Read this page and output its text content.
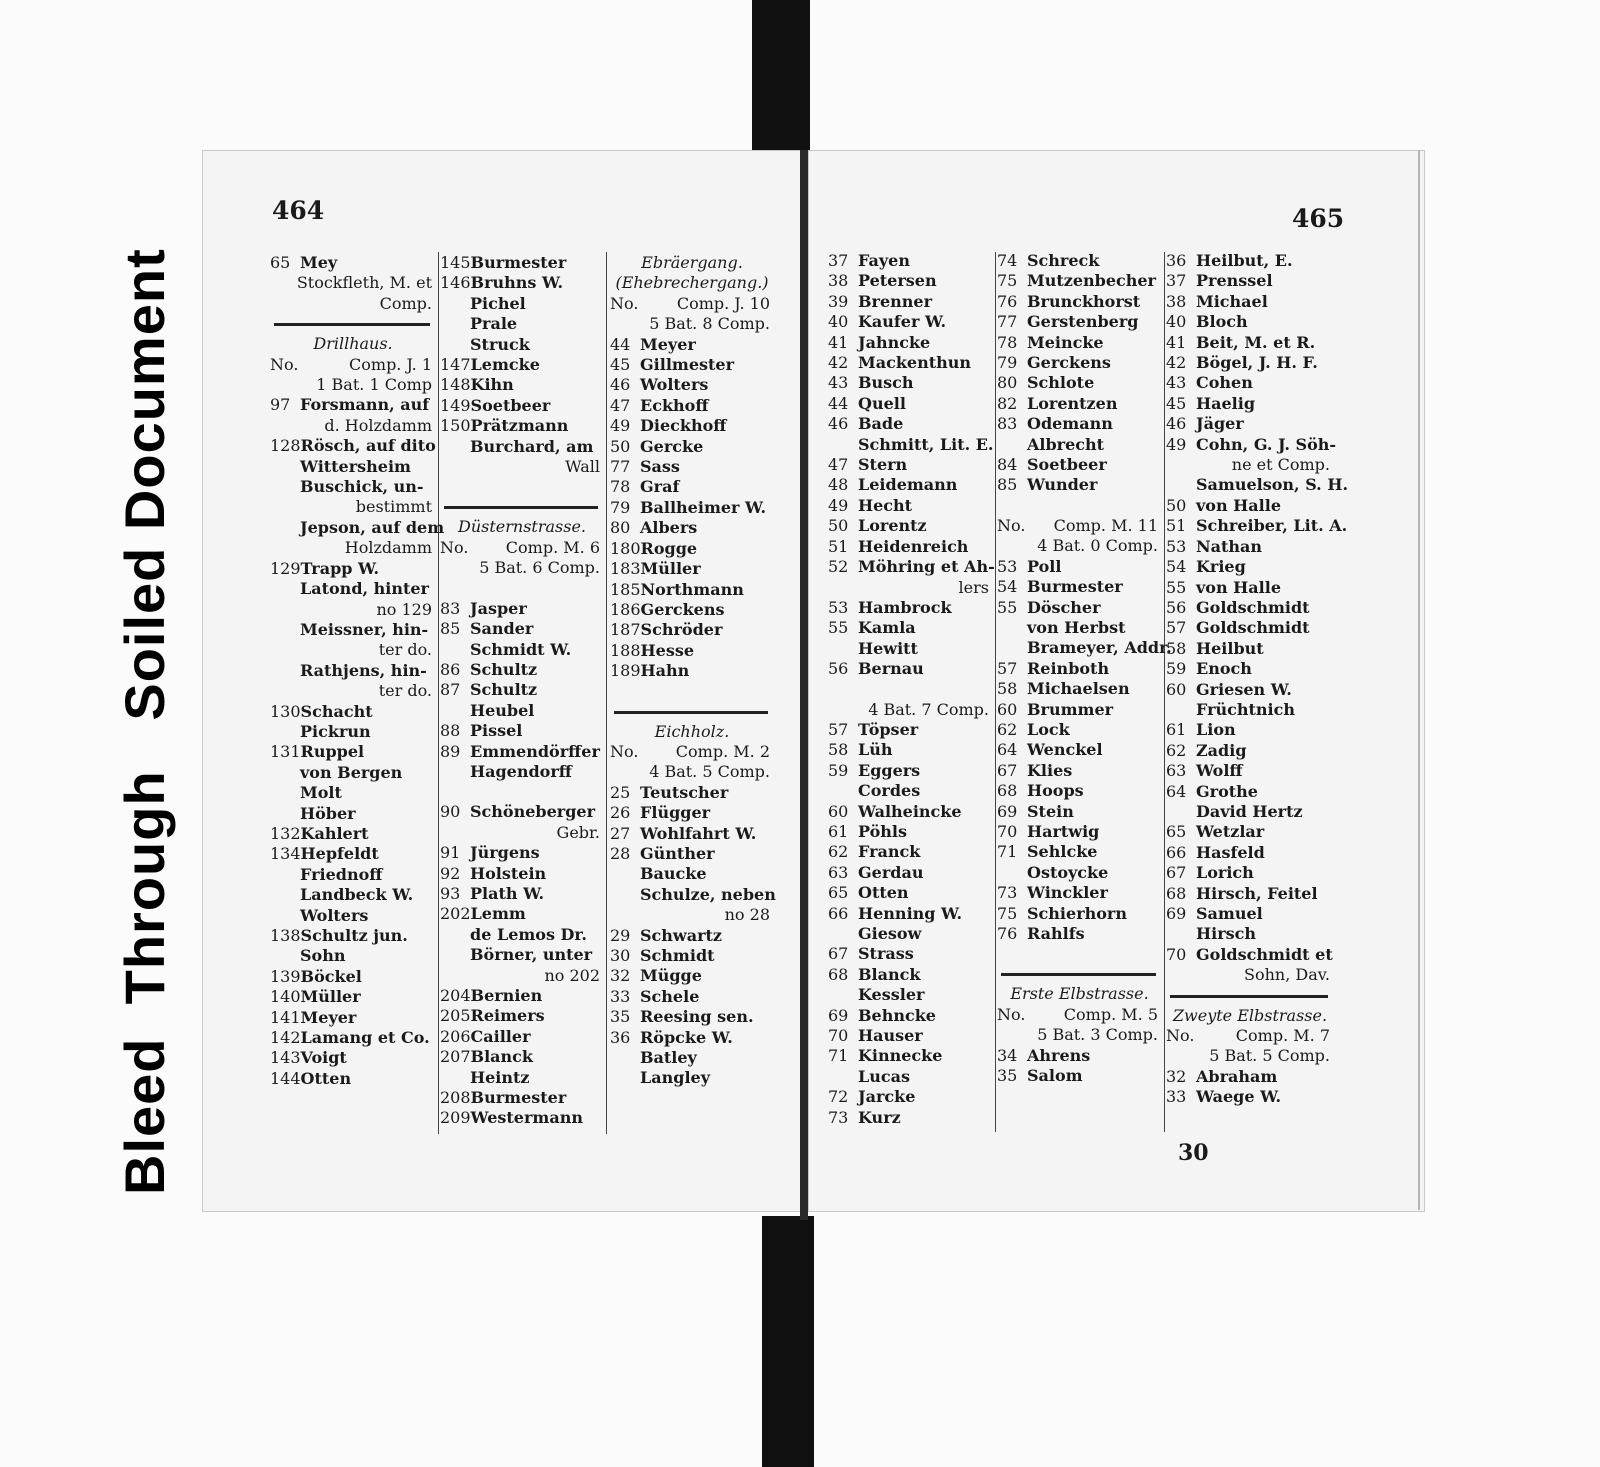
Bleed  Through   Soiled Document
464	465
30
65 Mey
Stockfleth, M. et
Comp.
Drillhaus.
No.	Comp. J. 1
1 Bat. 1 Comp
97 Forsmann, auf
d. Holzdamm
128Rösch, auf dito
Wittersheim
Buschick, un-
bestimmt
Jepson, auf dem
Holzdamm
129Trapp W.
Latond, hinter
no 129
Meissner, hin-
ter do.
Rathjens, hin-
ter do.
130Schacht
Pickrun
131Ruppel
von Bergen
Molt
Höber
132Kahlert
134Hepfeldt
Friednoff
Landbeck W.
Wolters
138Schultz jun.
Sohn
139Böckel
140Müller
141Meyer
142Lamang et Co.
143Voigt
144Otten
145Burmester
146Bruhns W.
Pichel
Prale
Struck
147Lemcke
148Kihn
149Soetbeer
150Prätzmann
Burchard, am
Wall
Düsternstrasse.
No. Comp. M. 6
5 Bat. 6 Comp.
83 Jasper
85 Sander
Schmidt W.
86 Schultz
87 Schultz
Heubel
88 Pissel
89 Emmendörffer
Hagendorff
90 Schöneberger
Gebr.
91 Jürgens
92 Holstein
93 Plath W.
202Lemm
de Lemos Dr.
Börner, unter
no 202
204Bernien
205Reimers
206Cailler
207Blanck
Heintz
208Burmester
209Westermann
Ebräergang.
(Ehebrechergang.)
No. Comp. J. 10
5 Bat. 8 Comp.
44 Meyer
45 Gillmester
46 Wolters
47 Eckhoff
49 Dieckhoff
50 Gercke
77 Sass
78 Graf
79 Ballheimer W.
80 Albers
180Rogge
183Müller
185Northmann
186Gerckens
187Schröder
188Hesse
189Hahn
Eichholz.
No. Comp. M. 2
4 Bat. 5 Comp.
25 Teutscher
26 Flügger
27 Wohlfahrt W.
28 Günther
Baucke
Schulze, neben
no 28
29 Schwartz
30 Schmidt
32 Mügge
33 Schele
35 Reesing sen.
36 Röpcke W.
Batley
Langley
37 Fayen
38 Petersen
39 Brenner
40 Kaufer W.
41 Jahncke
42 Mackenthun
43 Busch
44 Quell
46 Bade
Schmitt, Lit. E.
47 Stern
48 Leidemann
49 Hecht
50 Lorentz
51 Heidenreich
52 Möhring et Ah-
lers
53 Hambrock
55 Kamla
Hewitt
56 Bernau
4 Bat. 7 Comp.
57 Töpser
58 Lüh
59 Eggers
Cordes
60 Walheincke
61 Pöhls
62 Franck
63 Gerdau
65 Otten
66 Henning W.
Giesow
67 Strass
68 Blanck
Kessler
69 Behncke
70 Hauser
71 Kinnecke
Lucas
72 Jarcke
73 Kurz
74 Schreck
75 Mutzenbecher
76 Brunckhorst
77 Gerstenberg
78 Meincke
79 Gerckens
80 Schlote
82 Lorentzen
83 Odemann
Albrecht
84 Soetbeer
85 Wunder
No. Comp. M. 11
4 Bat. 0 Comp.
53 Poll
54 Burmester
55 Döscher
von Herbst
Brameyer, Addr.
57 Reinboth
58 Michaelsen
60 Brummer
62 Lock
64 Wenckel
67 Klies
68 Hoops
69 Stein
70 Hartwig
71 Sehlcke
Ostoycke
73 Winckler
75 Schierhorn
76 Rahlfs
Erste Elbstrasse.
No. Comp. M. 5
5 Bat. 3 Comp.
34 Ahrens
35 Salom
36 Heilbut, E.
37 Prenssel
38 Michael
40 Bloch
41 Beit, M. et R.
42 Bögel, J. H. F.
43 Cohen
45 Haelig
46 Jäger
49 Cohn, G. J. Söh-
ne et Comp.
Samuelson, S. H.
50 von Halle
51 Schreiber, Lit. A.
53 Nathan
54 Krieg
55 von Halle
56 Goldschmidt
57 Goldschmidt
58 Heilbut
59 Enoch
60 Griesen W.
Früchtnich
61 Lion
62 Zadig
63 Wolff
64 Grothe
David Hertz
65 Wetzlar
66 Hasfeld
67 Lorich
68 Hirsch, Feitel
69 Samuel
Hirsch
70 Goldschmidt et
Sohn, Dav.
Zweyte Elbstrasse.
No.	Comp. M. 7
5 Bat. 5 Comp.
32 Abraham
33 Waege W.
